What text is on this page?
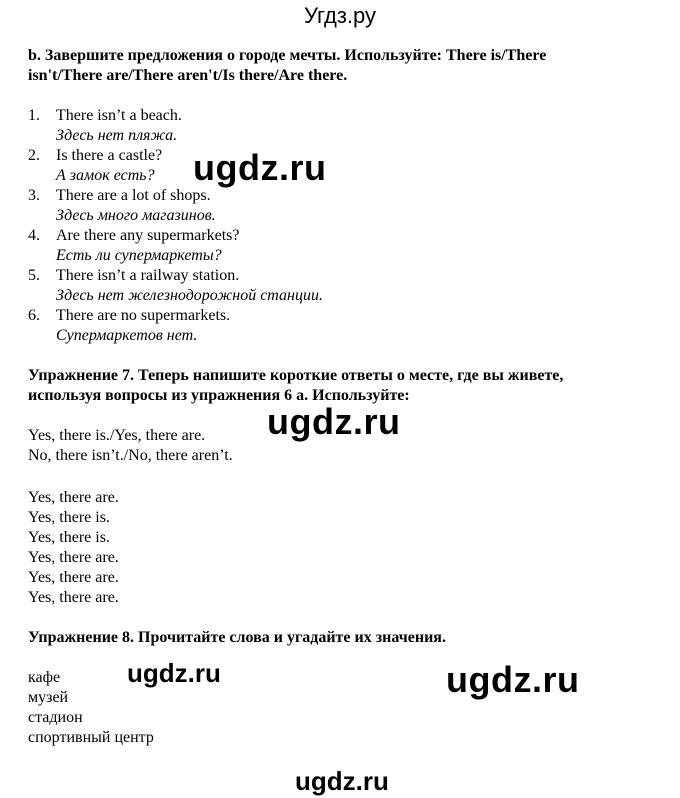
Угдз.ру
b. Завершите предложения о городе мечты. Используйте: There is/There
isn't/There are/There aren't/Is there/Are there.
1. There isn’t a beach.
Здесь нет пляжа.
2. Is there a castle?
А замок есть?
3. There are a lot of shops.
Здесь много магазинов.
4. Are there any supermarkets?
Есть ли супермаркеты?
5. There isn’t a railway station.
Здесь нет железнодорожной станции.
6. There are no supermarkets.
Супермаркетов нет.
Упражнение 7. Теперь напишите короткие ответы о месте, где вы живете,
используя вопросы из упражнения 6 а. Используйте:
Yes, there is./Yes, there are.
No, there isn’t./No, there aren’t.
Yes, there are.
Yes, there is.
Yes, there is.
Yes, there are.
Yes, there are.
Yes, there are.
Упражнение 8. Прочитайте слова и угадайте их значения.
кафе
музей
стадион
спортивный центр
ugdz.ru
ugdz.ru
ugdz.ru	ugdz.ru
ugdz.ru
